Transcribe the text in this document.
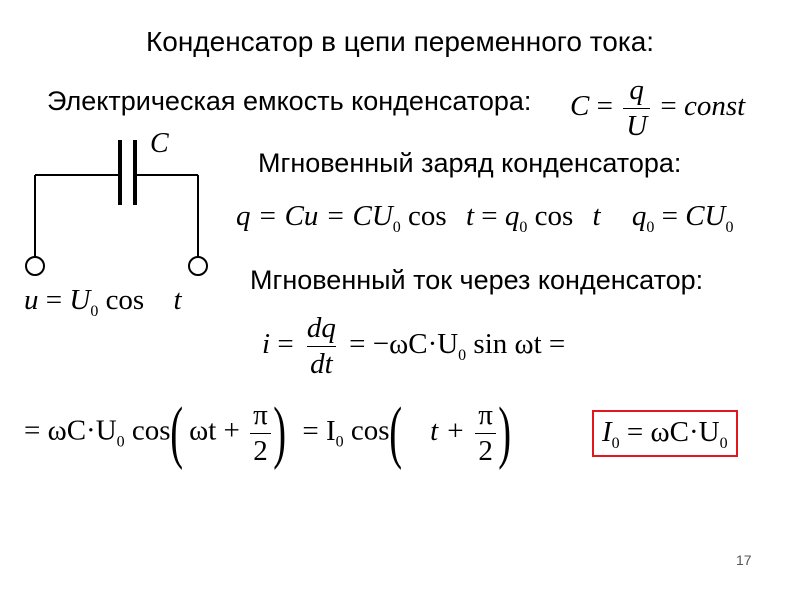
Конденсатор в цепи переменного тока:
Электрическая емкость конденсатора: $C = \frac{q}{U}$ = const
C
$u = U_0$ cos t
Мгновенный заряд конденсатора:
$q = Cu = CU_0$ $\cos t = q_0$ cos t $q_0 = CU_0$
Мгновенный ток через конденсатор:
$i = \frac{dq}{dt} = -\omega C\cdot U_0$ sin ωt =
= $\omega C\cdot U_0$ cos( $\omega t + \frac{\pi}{2}$ ) = $I_0$ cos( $t + \frac{\pi}{2}$ )	$I_0 = \omega C\cdot U_0$
17
